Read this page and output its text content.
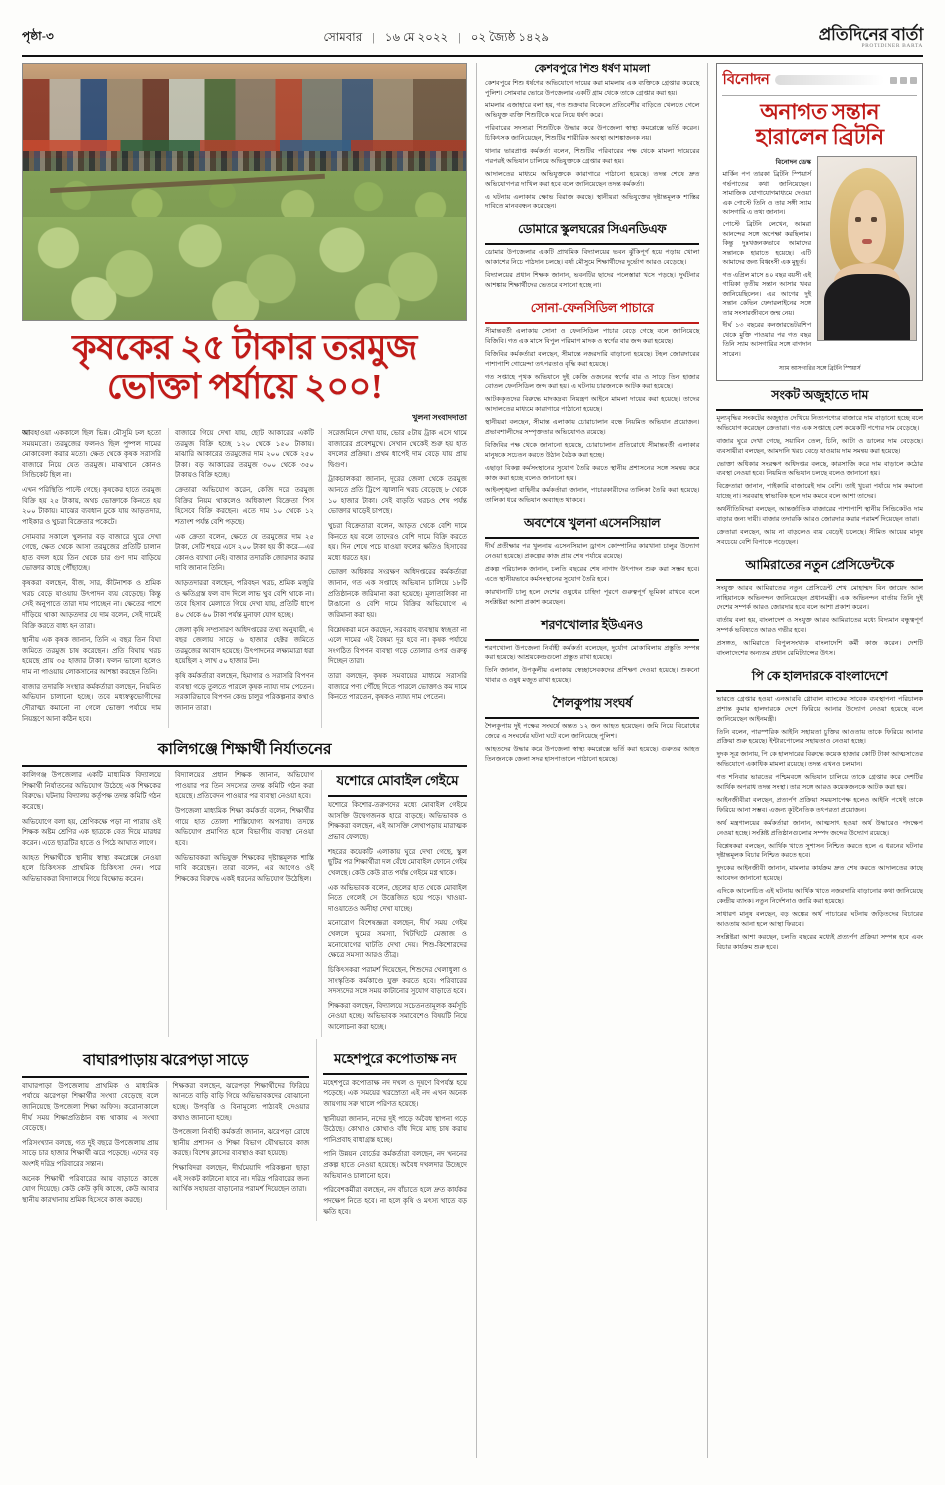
পৃষ্ঠা-৩	সোমবার | ১৬ মে ২০২২ | ০২ জ্যৈষ্ঠ ১৪২৯	প্রতিদিনের বার্তা
PROTIDINER BARTA
কৃষকের ২৫ টাকার তরমুজ
ভোক্তা পর্যায়ে ২০০!
খুলনা সংবাদদাতা

আবহাওয়া এককালে ছিল ভিন্ন। মৌসুমি ঢল হতো সময়মতো। তরমুজের ফলনও ছিল পুষ্পল দামের মোকাবেলা করার মতো। ক্ষেত থেকে কৃষক সরাসরি বাজারে নিয়ে যেত তরমুজ। মাঝখানে কোনও সিন্ডিকেট ছিল না।

এখন পরিস্থিতি পাল্টে গেছে। কৃষকের হাতে তরমুজ বিক্রি হয় ২৫ টাকায়, অথচ ভোক্তাকে কিনতে হয় ২০০ টাকায়। মাঝের ব্যবধান ঢুকে যায় আড়তদার, পাইকার ও খুচরা বিক্রেতার পকেটে।

সোমবার সকালে খুলনার বড় বাজারে ঘুরে দেখা গেছে, ক্ষেত থেকে আসা তরমুজের প্রতিটি চালান হাত বদল হয়ে তিন থেকে চার গুণ দাম বাড়িয়ে ভোক্তার কাছে পৌঁছাচ্ছে।

কৃষকরা বলছেন, বীজ, সার, কীটনাশক ও শ্রমিক খরচ বেড়ে যাওয়ায় উৎপাদন ব্যয় বেড়েছে। কিন্তু সেই অনুপাতে তারা দাম পাচ্ছেন না। ক্ষেতের পাশে দাঁড়িয়ে থাকা আড়তদার যে দাম বলেন, সেই দামেই বিক্রি করতে বাধ্য হন তারা।

স্থানীয় এক কৃষক জানান, তিনি এ বছর তিন বিঘা জমিতে তরমুজ চাষ করেছেন। প্রতি বিঘায় খরচ হয়েছে প্রায় ৩৫ হাজার টাকা। ফলন ভালো হলেও দাম না পাওয়ায় লোকসানের আশঙ্কা করছেন তিনি।

বাজার তদারকি সংস্থার কর্মকর্তারা বলছেন, নিয়মিত অভিযান চালানো হচ্ছে। তবে মধ্যস্বত্বভোগীদের দৌরাত্ম্য কমানো না গেলে ভোক্তা পর্যায়ে দাম নিয়ন্ত্রণে আনা কঠিন হবে।

বাজারে গিয়ে দেখা যায়, ছোট আকারের একটি তরমুজ বিক্রি হচ্ছে ১২০ থেকে ১৫০ টাকায়। মাঝারি আকারের তরমুজের দাম ২০০ থেকে ২৫০ টাকা। বড় আকারের তরমুজ ৩০০ থেকে ৩৫০ টাকায়ও বিক্রি হচ্ছে।

ক্রেতারা অভিযোগ করেন, কেজি দরে তরমুজ বিক্রির নিয়ম থাকলেও অধিকাংশ বিক্রেতা পিস হিসেবে বিক্রি করছেন। এতে দাম ১০ থেকে ১২ শতাংশ পর্যন্ত বেশি পড়ছে।

এক ক্রেতা বলেন, ক্ষেতে যে তরমুজের দাম ২৫ টাকা, সেটি শহরে এসে ২০০ টাকা হয় কী করে—এর কোনও ব্যাখ্যা নেই। বাজার তদারকি জোরদার করার দাবি জানান তিনি।

আড়তদাররা বলছেন, পরিবহন খরচ, শ্রমিক মজুরি ও ক্ষতিগ্রস্ত ফল বাদ দিলে লাভ খুব বেশি থাকে না। তবে হিসাব মেলাতে গিয়ে দেখা যায়, প্রতিটি ধাপে ৪০ থেকে ৬০ টাকা পর্যন্ত মুনাফা যোগ হচ্ছে।

জেলা কৃষি সম্প্রসারণ অধিদপ্তরের তথ্য অনুযায়ী, এ বছর জেলায় সাড়ে ৬ হাজার হেক্টর জমিতে তরমুজের আবাদ হয়েছে। উৎপাদনের লক্ষ্যমাত্রা ধরা হয়েছিল ২ লাখ ৫০ হাজার টন।

কৃষি কর্মকর্তারা বলছেন, হিমাগার ও সরাসরি বিপণন ব্যবস্থা গড়ে তুলতে পারলে কৃষক ন্যায্য দাম পেতেন। সরকারিভাবে বিপণন কেন্দ্র চালুর পরিকল্পনার কথাও জানান তারা।

সরেজমিনে দেখা যায়, ভোর ৫টায় ট্রাক এসে থামে বাজারের প্রবেশমুখে। সেখান থেকেই শুরু হয় হাত বদলের প্রক্রিয়া। প্রথম ধাপেই দাম বেড়ে যায় প্রায় দ্বিগুণ।

ট্রাকচালকরা জানান, দূরের জেলা থেকে তরমুজ আনতে প্রতি ট্রিপে জ্বালানি খরচ বেড়েছে ৮ থেকে ১০ হাজার টাকা। সেই বাড়তি খরচও শেষ পর্যন্ত ভোক্তার ঘাড়েই চাপছে।

খুচরা বিক্রেতারা বলেন, আড়ত থেকে বেশি দামে কিনতে হয় বলে তাদেরও বেশি দামে বিক্রি করতে হয়। দিন শেষে পচে যাওয়া ফলের ক্ষতিও হিসাবের মধ্যে ধরতে হয়।

ভোক্তা অধিকার সংরক্ষণ অধিদপ্তরের কর্মকর্তারা জানান, গত এক সপ্তাহে অভিযান চালিয়ে ১৮টি প্রতিষ্ঠানকে জরিমানা করা হয়েছে। মূল্যতালিকা না টাঙানো ও বেশি দামে বিক্রির অভিযোগে এ জরিমানা করা হয়।

বিশ্লেষকরা মনে করছেন, সরবরাহ ব্যবস্থায় স্বচ্ছতা না এলে দামের এই বৈষম্য দূর হবে না। কৃষক পর্যায়ে সংগঠিত বিপণন ব্যবস্থা গড়ে তোলার ওপর গুরুত্ব দিচ্ছেন তারা।

তারা বলছেন, কৃষক সমবায়ের মাধ্যমে সরাসরি বাজারে পণ্য পৌঁছে দিতে পারলে ভোক্তাও কম দামে কিনতে পারতেন, কৃষকও ন্যায্য দাম পেতেন।

কালিগঞ্জে শিক্ষার্থী নির্যাতনের

কালিগঞ্জ উপজেলার একটি মাধ্যমিক বিদ্যালয়ে শিক্ষার্থী নির্যাতনের অভিযোগ উঠেছে এক শিক্ষকের বিরুদ্ধে। ঘটনায় বিদ্যালয় কর্তৃপক্ষ তদন্ত কমিটি গঠন করেছে।

অভিযোগে বলা হয়, শ্রেণিকক্ষে পড়া না পারায় ওই শিক্ষক অষ্টম শ্রেণির এক ছাত্রকে বেত দিয়ে মারধর করেন। এতে ছাত্রটির হাতে ও পিঠে আঘাত লাগে।

আহত শিক্ষার্থীকে স্থানীয় স্বাস্থ্য কমপ্লেক্সে নেওয়া হলে চিকিৎসক প্রাথমিক চিকিৎসা দেন। পরে অভিভাবকরা বিদ্যালয়ে গিয়ে বিক্ষোভ করেন।

বিদ্যালয়ের প্রধান শিক্ষক জানান, অভিযোগ পাওয়ার পর তিন সদস্যের তদন্ত কমিটি গঠন করা হয়েছে। প্রতিবেদন পাওয়ার পর ব্যবস্থা নেওয়া হবে।

উপজেলা মাধ্যমিক শিক্ষা কর্মকর্তা বলেন, শিক্ষার্থীর গায়ে হাত তোলা শাস্তিযোগ্য অপরাধ। তদন্তে অভিযোগ প্রমাণিত হলে বিভাগীয় ব্যবস্থা নেওয়া হবে।

অভিভাবকরা অভিযুক্ত শিক্ষকের দৃষ্টান্তমূলক শাস্তি দাবি করেছেন। তারা বলেন, এর আগেও ওই শিক্ষকের বিরুদ্ধে একই ধরনের অভিযোগ উঠেছিল।

যশোরে মোবাইল গেইমে

যশোরে কিশোর-তরুণদের মধ্যে মোবাইল গেইমে আসক্তি উদ্বেগজনক হারে বাড়ছে। অভিভাবক ও শিক্ষকরা বলছেন, এই আসক্তি লেখাপড়ায় মারাত্মক প্রভাব ফেলছে।

শহরের কয়েকটি এলাকায় ঘুরে দেখা গেছে, স্কুল ছুটির পর শিক্ষার্থীরা দল বেঁধে মোবাইল ফোনে গেইম খেলছে। কেউ কেউ রাত পর্যন্ত গেইমে মগ্ন থাকে।

এক অভিভাবক বলেন, ছেলের হাত থেকে মোবাইল নিতে গেলেই সে উত্তেজিত হয়ে পড়ে। খাওয়া-দাওয়াতেও অনীহা দেখা যাচ্ছে।

মনোরোগ বিশেষজ্ঞরা বলছেন, দীর্ঘ সময় গেইম খেললে ঘুমের সমস্যা, খিটখিটে মেজাজ ও মনোযোগের ঘাটতি দেখা দেয়। শিশু-কিশোরদের ক্ষেত্রে সমস্যা আরও তীব্র।

চিকিৎসকরা পরামর্শ দিয়েছেন, শিশুদের খেলাধুলা ও সাংস্কৃতিক কর্মকাণ্ডে যুক্ত করতে হবে। পরিবারের সদস্যদের সঙ্গে সময় কাটানোর সুযোগ বাড়াতে হবে।

শিক্ষকরা বলছেন, বিদ্যালয়ে সচেতনতামূলক কর্মসূচি নেওয়া হচ্ছে। অভিভাবক সমাবেশেও বিষয়টি নিয়ে আলোচনা করা হচ্ছে।

বাঘারপাড়ায় ঝরেপড়া সাড়ে

বাঘারপাড়া উপজেলায় প্রাথমিক ও মাধ্যমিক পর্যায়ে ঝরেপড়া শিক্ষার্থীর সংখ্যা বেড়েছে বলে জানিয়েছে উপজেলা শিক্ষা অফিস। করোনাকালে দীর্ঘ সময় শিক্ষাপ্রতিষ্ঠান বন্ধ থাকায় এ সংখ্যা বেড়েছে।

পরিসংখ্যান বলছে, গত দুই বছরে উপজেলায় প্রায় সাড়ে চার হাজার শিক্ষার্থী ঝরে পড়েছে। এদের বড় অংশই দরিদ্র পরিবারের সন্তান।

অনেক শিক্ষার্থী পরিবারের আয় বাড়াতে কাজে যোগ দিয়েছে। কেউ কেউ কৃষি কাজে, কেউ আবার স্থানীয় কারখানায় শ্রমিক হিসেবে কাজ করছে।

শিক্ষকরা বলছেন, ঝরেপড়া শিক্ষার্থীদের ফিরিয়ে আনতে বাড়ি বাড়ি গিয়ে অভিভাবকদের বোঝানো হচ্ছে। উপবৃত্তি ও বিনামূল্যে পাঠ্যবই দেওয়ার কথাও জানানো হচ্ছে।

উপজেলা নির্বাহী কর্মকর্তা জানান, ঝরেপড়া রোধে স্থানীয় প্রশাসন ও শিক্ষা বিভাগ যৌথভাবে কাজ করছে। বিশেষ ক্লাসের ব্যবস্থাও করা হয়েছে।

শিক্ষাবিদরা বলছেন, দীর্ঘমেয়াদি পরিকল্পনা ছাড়া এই সংকট কাটানো যাবে না। দরিদ্র পরিবারের জন্য আর্থিক সহায়তা বাড়ানোর পরামর্শ দিয়েছেন তারা।

মহেশপুরে কপোতাক্ষ নদ

মহেশপুরে কপোতাক্ষ নদ দখল ও দূষণে বিপর্যস্ত হয়ে পড়েছে। এক সময়ের খরস্রোতা এই নদ এখন অনেক জায়গায় সরু খালে পরিণত হয়েছে।

স্থানীয়রা জানান, নদের দুই পাড়ে অবৈধ স্থাপনা গড়ে উঠেছে। কোথাও কোথাও বাঁধ দিয়ে মাছ চাষ করায় পানিপ্রবাহ বাধাগ্রস্ত হচ্ছে।

পানি উন্নয়ন বোর্ডের কর্মকর্তারা বলছেন, নদ খননের প্রকল্প হাতে নেওয়া হয়েছে। অবৈধ দখলদার উচ্ছেদে অভিযানও চালানো হবে।

পরিবেশকর্মীরা বলছেন, নদ বাঁচাতে হলে দ্রুত কার্যকর পদক্ষেপ নিতে হবে। না হলে কৃষি ও মৎস্য খাতে বড় ক্ষতি হবে।

কেশবপুরে শিশু ধর্ষণ মামলা

কেশবপুরে শিশু ধর্ষণের অভিযোগে দায়ের করা মামলায় এক ব্যক্তিকে গ্রেপ্তার করেছে পুলিশ। সোমবার ভোরে উপজেলার একটি গ্রাম থেকে তাকে গ্রেপ্তার করা হয়।

মামলার এজাহারে বলা হয়, গত শুক্রবার বিকেলে প্রতিবেশীর বাড়িতে খেলতে গেলে অভিযুক্ত ব্যক্তি শিশুটিকে ঘরে নিয়ে ধর্ষণ করে।

পরিবারের সদস্যরা শিশুটিকে উদ্ধার করে উপজেলা স্বাস্থ্য কমপ্লেক্সে ভর্তি করেন। চিকিৎসক জানিয়েছেন, শিশুটির শারীরিক অবস্থা আশঙ্কাজনক নয়।

থানার ভারপ্রাপ্ত কর্মকর্তা বলেন, শিশুটির পরিবারের পক্ষ থেকে মামলা দায়েরের পরপরই অভিযান চালিয়ে অভিযুক্তকে গ্রেপ্তার করা হয়।

আদালতের মাধ্যমে অভিযুক্তকে কারাগারে পাঠানো হয়েছে। তদন্ত শেষে দ্রুত অভিযোগপত্র দাখিল করা হবে বলে জানিয়েছেন তদন্ত কর্মকর্তা।

এ ঘটনায় এলাকায় ক্ষোভ বিরাজ করছে। স্থানীয়রা অভিযুক্তের দৃষ্টান্তমূলক শাস্তির দাবিতে মানববন্ধন করেছেন।

ডোমারে স্কুলঘরের সিএনডিএফ

ডোমার উপজেলার একটি প্রাথমিক বিদ্যালয়ের ভবন ঝুঁকিপূর্ণ হয়ে পড়ায় খোলা আকাশের নিচে পাঠদান চলছে। বর্ষা মৌসুমে শিক্ষার্থীদের দুর্ভোগ আরও বেড়েছে।

বিদ্যালয়ের প্রধান শিক্ষক জানান, ভবনটির ছাদের পলেস্তারা খসে পড়ছে। দুর্ঘটনার আশঙ্কায় শিক্ষার্থীদের ভেতরে বসানো হচ্ছে না।

সোনা-ফেনসিডিল পাচারে

সীমান্তবর্তী এলাকায় সোনা ও ফেনসিডিল পাচার বেড়ে গেছে বলে জানিয়েছে বিজিবি। গত এক মাসে বিপুল পরিমাণ মাদক ও স্বর্ণের বার জব্দ করা হয়েছে।

বিজিবির কর্মকর্তারা বলছেন, সীমান্তে নজরদারি বাড়ানো হয়েছে। টহল জোরদারের পাশাপাশি গোয়েন্দা তৎপরতাও বৃদ্ধি করা হয়েছে।

গত সপ্তাহে পৃথক অভিযানে দুই কেজি ওজনের স্বর্ণের বার ও সাড়ে তিন হাজার বোতল ফেনসিডিল জব্দ করা হয়। এ ঘটনায় চারজনকে আটক করা হয়েছে।

আটককৃতদের বিরুদ্ধে মাদকদ্রব্য নিয়ন্ত্রণ আইনে মামলা দায়ের করা হয়েছে। তাদের আদালতের মাধ্যমে কারাগারে পাঠানো হয়েছে।

স্থানীয়রা বলছেন, সীমান্ত এলাকায় চোরাচালান বন্ধে নিয়মিত অভিযান প্রয়োজন। প্রভাবশালীদের সম্পৃক্ততার অভিযোগও রয়েছে।

বিজিবির পক্ষ থেকে জানানো হয়েছে, চোরাচালান প্রতিরোধে সীমান্তবর্তী এলাকার মানুষকে সচেতন করতে উঠান বৈঠক করা হচ্ছে।

এছাড়া বিকল্প কর্মসংস্থানের সুযোগ তৈরি করতে স্থানীয় প্রশাসনের সঙ্গে সমন্বয় করে কাজ করা হচ্ছে বলেও জানানো হয়।

আইনশৃঙ্খলা বাহিনীর কর্মকর্তারা জানান, পাচারকারীদের তালিকা তৈরি করা হয়েছে। তালিকা ধরে অভিযান অব্যাহত থাকবে।

অবশেষে খুলনা এসেনসিয়াল

দীর্ঘ প্রতীক্ষার পর খুলনায় এসেনসিয়াল ড্রাগস কোম্পানির কারখানা চালুর উদ্যোগ নেওয়া হয়েছে। প্রকল্পের কাজ প্রায় শেষ পর্যায়ে রয়েছে।

প্রকল্প পরিচালক জানান, চলতি বছরের শেষ নাগাদ উৎপাদন শুরু করা সম্ভব হবে। এতে স্থানীয়ভাবে কর্মসংস্থানের সুযোগ তৈরি হবে।

কারখানাটি চালু হলে দেশের ওষুধের চাহিদা পূরণে গুরুত্বপূর্ণ ভূমিকা রাখবে বলে সংশ্লিষ্টরা আশা প্রকাশ করেছেন।

শরণখোলার ইউএনও

শরণখোলা উপজেলা নির্বাহী কর্মকর্তা বলেছেন, দুর্যোগ মোকাবিলায় প্রস্তুতি সম্পন্ন করা হয়েছে। আশ্রয়কেন্দ্রগুলো প্রস্তুত রাখা হয়েছে।

তিনি জানান, উপকূলীয় এলাকায় স্বেচ্ছাসেবকদের প্রশিক্ষণ দেওয়া হয়েছে। শুকনো খাবার ও ওষুধ মজুত রাখা হয়েছে।

শৈলকুপায় সংঘর্ষ

শৈলকুপায় দুই পক্ষের সংঘর্ষে অন্তত ১২ জন আহত হয়েছেন। জমি নিয়ে বিরোধের জেরে এ সংঘর্ষের ঘটনা ঘটে বলে জানিয়েছে পুলিশ।

আহতদের উদ্ধার করে উপজেলা স্বাস্থ্য কমপ্লেক্সে ভর্তি করা হয়েছে। গুরুতর আহত তিনজনকে জেলা সদর হাসপাতালে পাঠানো হয়েছে।

বিনোদন
অনাগত সন্তান
হারালেন ব্রিটনি
বিনোদন ডেস্ক

মার্কিন পপ তারকা ব্রিটনি স্পিয়ার্স গর্ভপাতের কথা জানিয়েছেন। সামাজিক যোগাযোগমাধ্যমে দেওয়া এক পোস্টে তিনি ও তার সঙ্গী স্যাম আসগারি এ তথ্য জানান।

পোস্টে ব্রিটনি লেখেন, আমরা আনন্দের সঙ্গে অপেক্ষা করছিলাম। কিন্তু দুঃখজনকভাবে আমাদের সন্তানকে হারাতে হয়েছে। এটি আমাদের জন্য বিধ্বংসী এক মুহূর্ত।

গত এপ্রিল মাসে ৪০ বছর বয়সী এই গায়িকা তৃতীয় সন্তান আসার খবর জানিয়েছিলেন। এর আগের দুই সন্তান কেভিন ফেদারলাইনের সঙ্গে তার সংসারজীবনে জন্ম নেয়।

দীর্ঘ ১৩ বছরের কনজারভেটরশিপ থেকে মুক্তি পাওয়ার পর গত বছর তিনি স্যাম আসগারির সঙ্গে বাগদান সারেন।

স্যাম আসগারির সঙ্গে ব্রিটনি স্পিয়ার্স
সংকট অজুহাতে দাম

মূল্যবৃদ্ধির সংকটের অজুহাত দেখিয়ে নিত্যপণ্যের বাজারে দাম বাড়ানো হচ্ছে বলে অভিযোগ করেছেন ক্রেতারা। গত এক সপ্তাহে বেশ কয়েকটি পণ্যের দাম বেড়েছে।

বাজার ঘুরে দেখা গেছে, সয়াবিন তেল, চিনি, আটা ও ডালের দাম বেড়েছে। ব্যবসায়ীরা বলছেন, আমদানি খরচ বেড়ে যাওয়ায় দাম সমন্বয় করা হয়েছে।

ভোক্তা অধিকার সংরক্ষণ অধিদপ্তর বলছে, কারসাজি করে দাম বাড়ালে কঠোর ব্যবস্থা নেওয়া হবে। নিয়মিত অভিযান চলছে বলেও জানানো হয়।

বিক্রেতারা জানান, পাইকারি বাজারেই দাম বেশি। তাই খুচরা পর্যায়ে দাম কমানো যাচ্ছে না। সরবরাহ স্বাভাবিক হলে দাম কমবে বলে আশা তাদের।

অর্থনীতিবিদরা বলছেন, আন্তর্জাতিক বাজারের পাশাপাশি স্থানীয় সিন্ডিকেটও দাম বাড়ার জন্য দায়ী। বাজার তদারকি আরও জোরদার করার পরামর্শ দিয়েছেন তারা।

ক্রেতারা বলছেন, আয় না বাড়লেও ব্যয় বেড়েই চলেছে। সীমিত আয়ের মানুষ সবচেয়ে বেশি বিপাকে পড়েছেন।

আমিরাতের নতুন প্রেসিডেন্টকে

সংযুক্ত আরব আমিরাতের নতুন প্রেসিডেন্ট শেখ মোহাম্মদ বিন জায়েদ আল নাহিয়ানকে অভিনন্দন জানিয়েছেন প্রধানমন্ত্রী। এক অভিনন্দন বার্তায় তিনি দুই দেশের সম্পর্ক আরও জোরদার হবে বলে আশা প্রকাশ করেন।

বার্তায় বলা হয়, বাংলাদেশ ও সংযুক্ত আরব আমিরাতের মধ্যে বিদ্যমান বন্ধুত্বপূর্ণ সম্পর্ক ভবিষ্যতে আরও গভীর হবে।

প্রসঙ্গত, আমিরাতে বিপুলসংখ্যক বাংলাদেশি কর্মী কাজ করেন। দেশটি বাংলাদেশের অন্যতম প্রধান রেমিট্যান্সের উৎস।

পি কে হালদারকে বাংলাদেশে

ভারতে গ্রেপ্তার হওয়া এনআরবি গ্লোবাল ব্যাংকের সাবেক ব্যবস্থাপনা পরিচালক প্রশান্ত কুমার হালদারকে দেশে ফিরিয়ে আনার উদ্যোগ নেওয়া হয়েছে বলে জানিয়েছেন আইনমন্ত্রী।

তিনি বলেন, পারস্পরিক আইনি সহায়তা চুক্তির আওতায় তাকে ফিরিয়ে আনার প্রক্রিয়া শুরু হয়েছে। ইন্টারপোলের সহায়তাও নেওয়া হচ্ছে।

দুদক সূত্র জানায়, পি কে হালদারের বিরুদ্ধে কয়েক হাজার কোটি টাকা আত্মসাতের অভিযোগে একাধিক মামলা রয়েছে। তদন্ত এখনও চলমান।

গত শনিবার ভারতের পশ্চিমবঙ্গে অভিযান চালিয়ে তাকে গ্রেপ্তার করে দেশটির আর্থিক অপরাধ তদন্ত সংস্থা। তার সঙ্গে আরও কয়েকজনকে আটক করা হয়।

আইনজীবীরা বলছেন, প্রত্যর্পণ প্রক্রিয়া সময়সাপেক্ষ হলেও আইনি পথেই তাকে ফিরিয়ে আনা সম্ভব। এজন্য কূটনৈতিক তৎপরতা প্রয়োজন।

অর্থ মন্ত্রণালয়ের কর্মকর্তারা জানান, আত্মসাৎ হওয়া অর্থ উদ্ধারেও পদক্ষেপ নেওয়া হচ্ছে। সংশ্লিষ্ট প্রতিষ্ঠানগুলোর সম্পদ জব্দের উদ্যোগ রয়েছে।

বিশ্লেষকরা বলছেন, আর্থিক খাতে সুশাসন নিশ্চিত করতে হলে এ ধরনের ঘটনার দৃষ্টান্তমূলক বিচার নিশ্চিত করতে হবে।

দুদকের আইনজীবী জানান, মামলার কার্যক্রম দ্রুত শেষ করতে আদালতের কাছে আবেদন জানানো হয়েছে।

এদিকে আলোচিত এই ঘটনায় আর্থিক খাতে নজরদারি বাড়ানোর কথা জানিয়েছে কেন্দ্রীয় ব্যাংক। নতুন নির্দেশনাও জারি করা হয়েছে।

সাধারণ মানুষ বলছেন, বড় অঙ্কের অর্থ পাচারের ঘটনায় জড়িতদের বিচারের আওতায় আনা হলে আস্থা ফিরবে।

সংশ্লিষ্টরা আশা করছেন, চলতি বছরের মধ্যেই প্রত্যর্পণ প্রক্রিয়া সম্পন্ন হবে এবং বিচার কার্যক্রম শুরু হবে।
